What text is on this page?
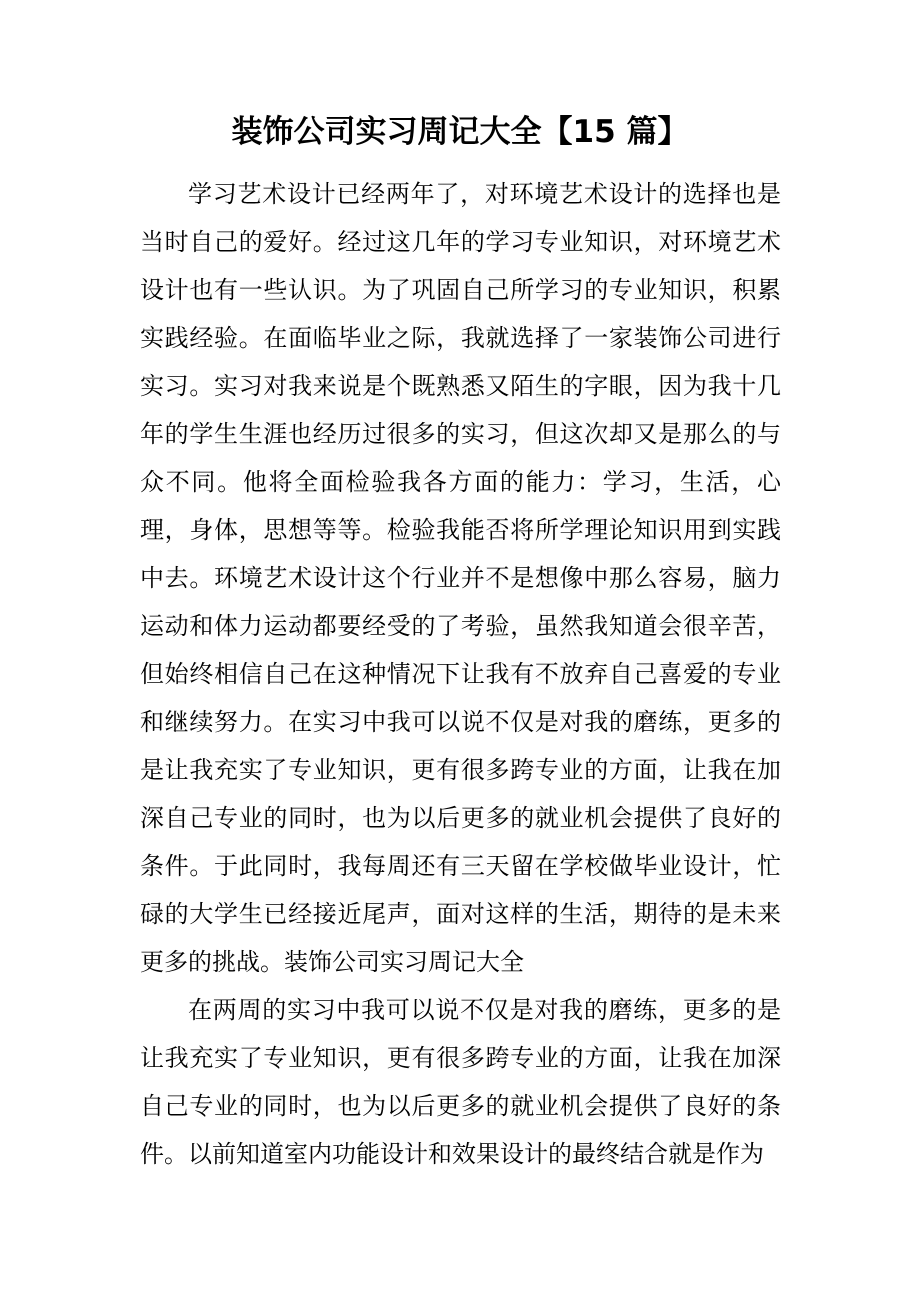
装饰公司实习周记大全【15 篇】

学习艺术设计已经两年了，对环境艺术设计的选择也是当时自己的爱好。经过这几年的学习专业知识，对环境艺术设计也有一些认识。为了巩固自己所学习的专业知识，积累实践经验。在面临毕业之际，我就选择了一家装饰公司进行实习。实习对我来说是个既熟悉又陌生的字眼，因为我十几年的学生生涯也经历过很多的实习，但这次却又是那么的与众不同。他将全面检验我各方面的能力：学习，生活，心理，身体，思想等等。检验我能否将所学理论知识用到实践中去。环境艺术设计这个行业并不是想像中那么容易，脑力运动和体力运动都要经受的了考验，虽然我知道会很辛苦，但始终相信自己在这种情况下让我有不放弃自己喜爱的专业和继续努力。在实习中我可以说不仅是对我的磨练，更多的是让我充实了专业知识，更有很多跨专业的方面，让我在加深自己专业的同时，也为以后更多的就业机会提供了良好的条件。于此同时，我每周还有三天留在学校做毕业设计，忙碌的大学生已经接近尾声，面对这样的生活，期待的是未来更多的挑战。装饰公司实习周记大全

在两周的实习中我可以说不仅是对我的磨练，更多的是让我充实了专业知识，更有很多跨专业的方面，让我在加深自己专业的同时，也为以后更多的就业机会提供了良好的条件。以前知道室内功能设计和效果设计的最终结合就是作为
